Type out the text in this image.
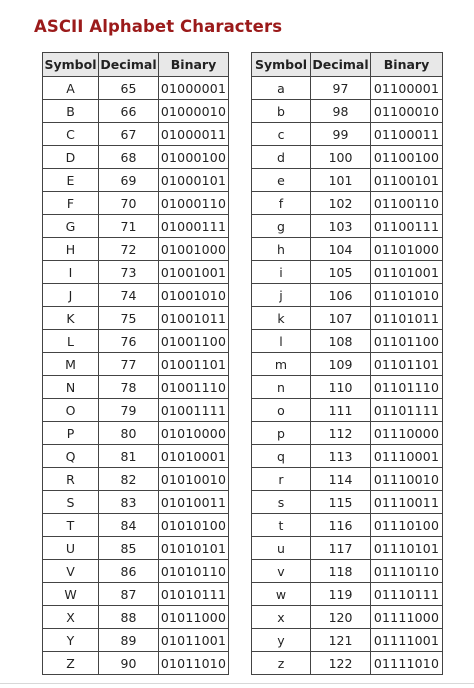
ASCII Alphabet Characters
Symbol	Decimal	Binary
A	65	01000001
B	66	01000010
C	67	01000011
D	68	01000100
E	69	01000101
F	70	01000110
G	71	01000111
H	72	01001000
I	73	01001001
J	74	01001010
K	75	01001011
L	76	01001100
M	77	01001101
N	78	01001110
O	79	01001111
P	80	01010000
Q	81	01010001
R	82	01010010
S	83	01010011
T	84	01010100
U	85	01010101
V	86	01010110
W	87	01010111
X	88	01011000
Y	89	01011001
Z	90	01011010
Symbol	Decimal	Binary
a	97	01100001
b	98	01100010
c	99	01100011
d	100	01100100
e	101	01100101
f	102	01100110
g	103	01100111
h	104	01101000
i	105	01101001
j	106	01101010
k	107	01101011
l	108	01101100
m	109	01101101
n	110	01101110
o	111	01101111
p	112	01110000
q	113	01110001
r	114	01110010
s	115	01110011
t	116	01110100
u	117	01110101
v	118	01110110
w	119	01110111
x	120	01111000
y	121	01111001
z	122	01111010
